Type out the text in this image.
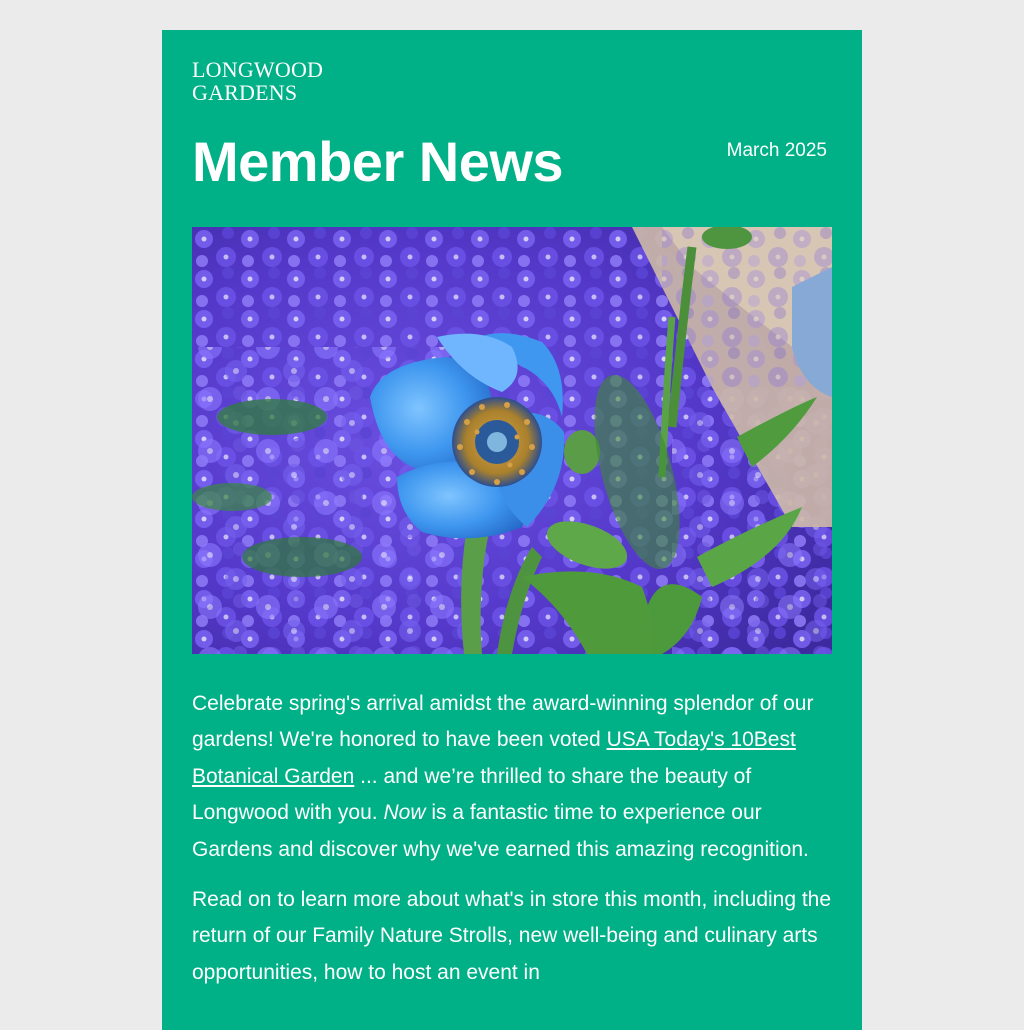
LONGWOOD
GARDENS
Member News	March 2025

Celebrate spring's arrival amidst the award-winning splendor of our gardens! We're honored to have been voted USA Today's 10Best Botanical Garden ... and we’re thrilled to share the beauty of Longwood with you. Now is a fantastic time to experience our Gardens and discover why we've earned this amazing recognition.

Read on to learn more about what's in store this month, including the return of our Family Nature Strolls, new well-being and culinary arts opportunities, how to host an event in
